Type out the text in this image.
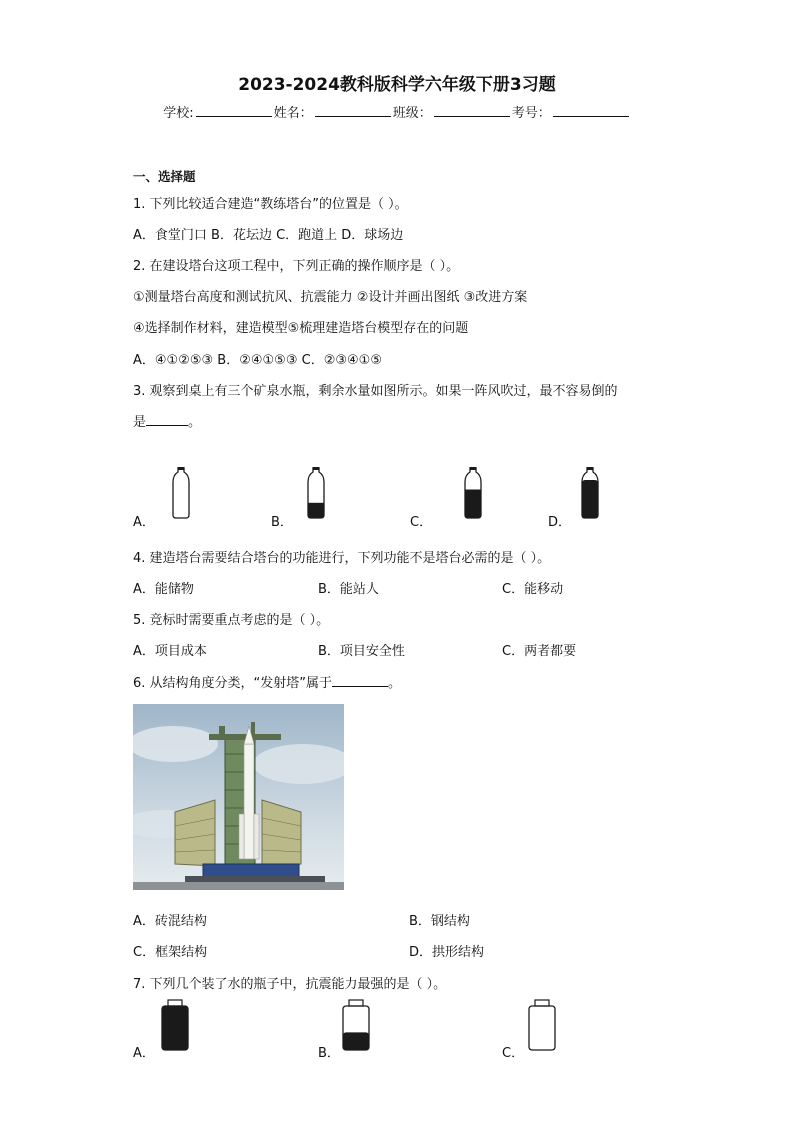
2023-2024教科版科学六年级下册3习题
学校:	姓名：	班级：	考号：
一、选择题
1. 下列比较适合建造“教练塔台”的位置是（ ）。
A．食堂门口 B．花坛边 C．跑道上 D．球场边
2. 在建设塔台这项工程中，下列正确的操作顺序是（ ）。
①测量塔台高度和测试抗风、抗震能力 ②设计并画出图纸 ③改进方案
④选择制作材料，建造模型⑤梳理建造塔台模型存在的问题
A．④①②⑤③ B．②④①⑤③ C．②③④①⑤
3. 观察到桌上有三个矿泉水瓶，剩余水量如图所示。如果一阵风吹过，最不容易倒的
是	。
A．	B．	C．	D．
4. 建造塔台需要结合塔台的功能进行，下列功能不是塔台必需的是（ ）。
A．能储物	B．能站人	C．能移动
5. 竞标时需要重点考虑的是（ ）。
A．项目成本	B．项目安全性	C．两者都要
6. 从结构角度分类，“发射塔”属于	。
A．砖混结构	B．钢结构
C．框架结构	D．拱形结构
7. 下列几个装了水的瓶子中，抗震能力最强的是（ ）。
A．	B．	C．
